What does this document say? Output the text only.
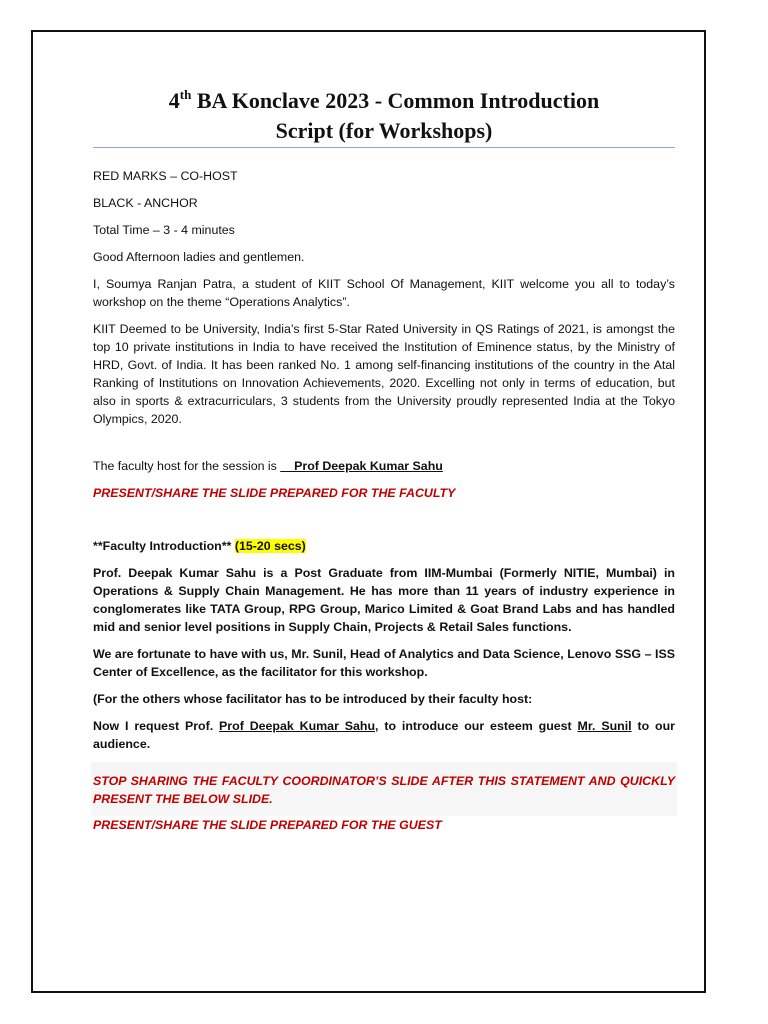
4th BA Konclave 2023 - Common Introduction
Script (for Workshops)

RED MARKS – CO-HOST

BLACK - ANCHOR

Total Time – 3 - 4 minutes

Good Afternoon ladies and gentlemen.

I, Soumya Ranjan Patra, a student of KIIT School Of Management, KIIT welcome you all to today’s workshop on the theme “Operations Analytics”.

KIIT Deemed to be University, India’s first 5-Star Rated University in QS Ratings of 2021, is amongst the top 10 private institutions in India to have received the Institution of Eminence status, by the Ministry of HRD, Govt. of India. It has been ranked No. 1 among self-financing institutions of the country in the Atal Ranking of Institutions on Innovation Achievements, 2020. Excelling not only in terms of education, but also in sports & extracurriculars, 3 students from the University proudly represented India at the Tokyo Olympics, 2020.

The faculty host for the session is __Prof Deepak Kumar Sahu

PRESENT/SHARE THE SLIDE PREPARED FOR THE FACULTY

**Faculty Introduction** (15-20 secs)

Prof. Deepak Kumar Sahu is a Post Graduate from IIM-Mumbai (Formerly NITIE, Mumbai) in Operations & Supply Chain Management. He has more than 11 years of industry experience in conglomerates like TATA Group, RPG Group, Marico Limited & Goat Brand Labs and has handled mid and senior level positions in Supply Chain, Projects & Retail Sales functions.

We are fortunate to have with us, Mr. Sunil, Head of Analytics and Data Science, Lenovo SSG – ISS Center of Excellence, as the facilitator for this workshop.

(For the others whose facilitator has to be introduced by their faculty host:

Now I request Prof. Prof Deepak Kumar Sahu, to introduce our esteem guest Mr. Sunil to our audience.

STOP SHARING THE FACULTY COORDINATOR’S SLIDE AFTER THIS STATEMENT AND QUICKLY PRESENT THE BELOW SLIDE.

PRESENT/SHARE THE SLIDE PREPARED FOR THE GUEST
